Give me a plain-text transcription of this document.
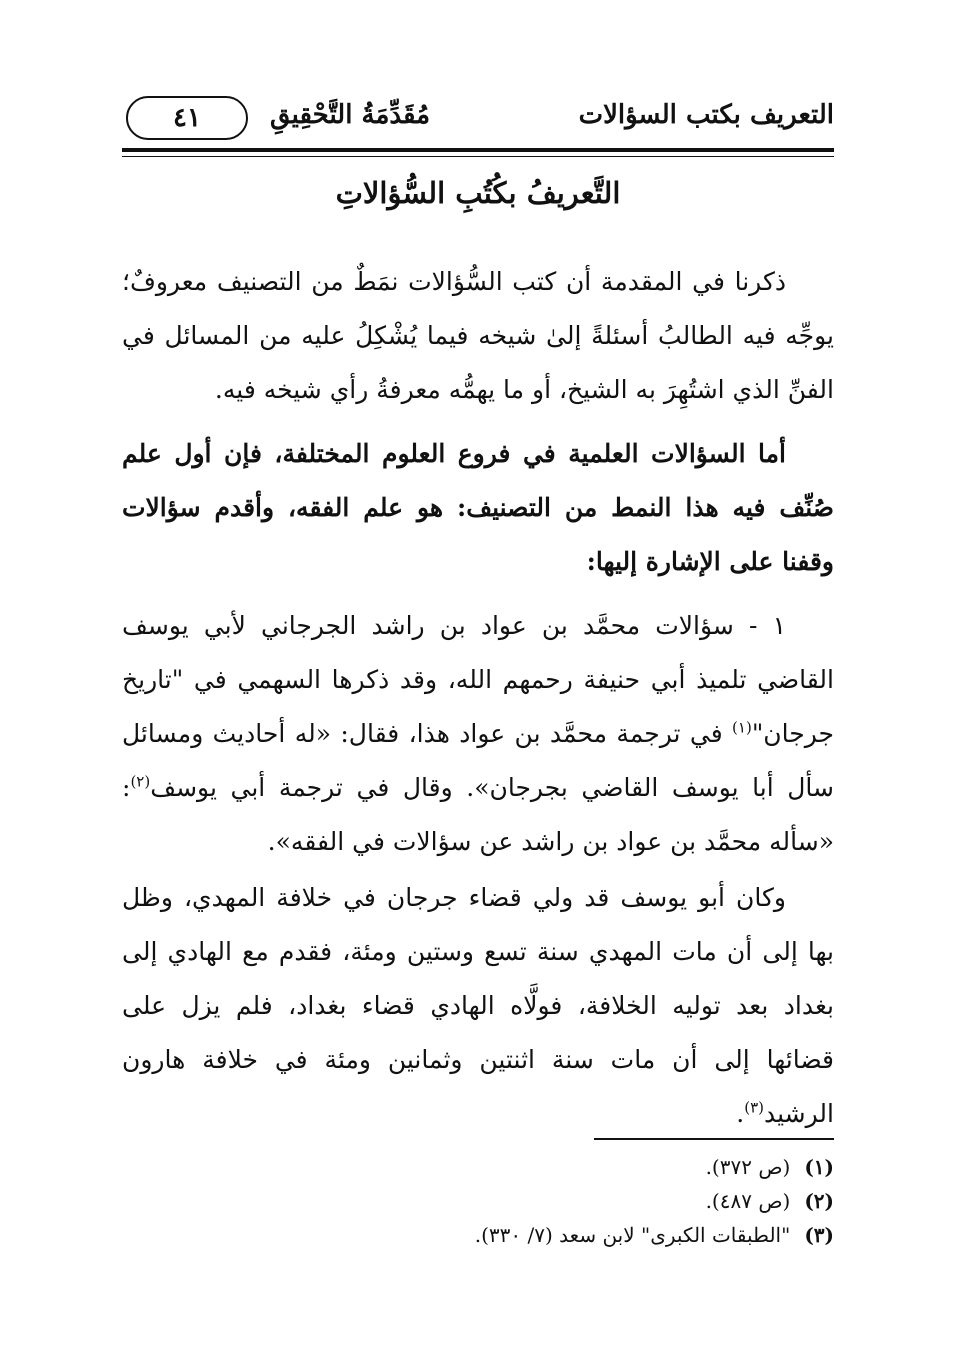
التعريف بكتب السؤالات
مُقَدِّمَةُ التَّحْقِيقِ
٤١
التَّعريفُ بكُتُبِ السُّؤالاتِ

ذكرنا في المقدمة أن كتب السُّؤالات نمَطٌ من التصنيف معروفٌ؛ يوجِّه فيه الطالبُ أسئلةً إلىٰ شيخه فيما يُشْكِلُ عليه من المسائل في الفنِّ الذي اشتُهِرَ به الشيخ، أو ما يهمُّه معرفةُ رأي شيخه فيه.

أما السؤالات العلمية في فروع العلوم المختلفة، فإن أول علم صُنِّف فيه هذا النمط من التصنيف: هو علم الفقه، وأقدم سؤالات وقفنا على الإشارة إليها:

١ - سؤالات محمَّد بن عواد بن راشد الجرجاني لأبي يوسف القاضي تلميذ أبي حنيفة رحمهم الله، وقد ذكرها السهمي في "تاريخ جرجان"$^{(١)}$ في ترجمة محمَّد بن عواد هذا، فقال: «له أحاديث ومسائل سأل أبا يوسف القاضي بجرجان». وقال في ترجمة أبي يوسف$^{(٢)}$: «سأله محمَّد بن عواد بن راشد عن سؤالات في الفقه».

وكان أبو يوسف قد ولي قضاء جرجان في خلافة المهدي، وظل بها إلى أن مات المهدي سنة تسع وستين ومئة، فقدم مع الهادي إلى بغداد بعد توليه الخلافة، فولَّاه الهادي قضاء بغداد، فلم يزل على قضائها إلى أن مات سنة اثنتين وثمانين ومئة في خلافة هارون الرشيد$^{(٣)}$.

(١)(ص ٣٧٢).
(٢)(ص ٤٨٧).
(٣)"الطبقات الكبرى" لابن سعد (٧/ ٣٣٠).
